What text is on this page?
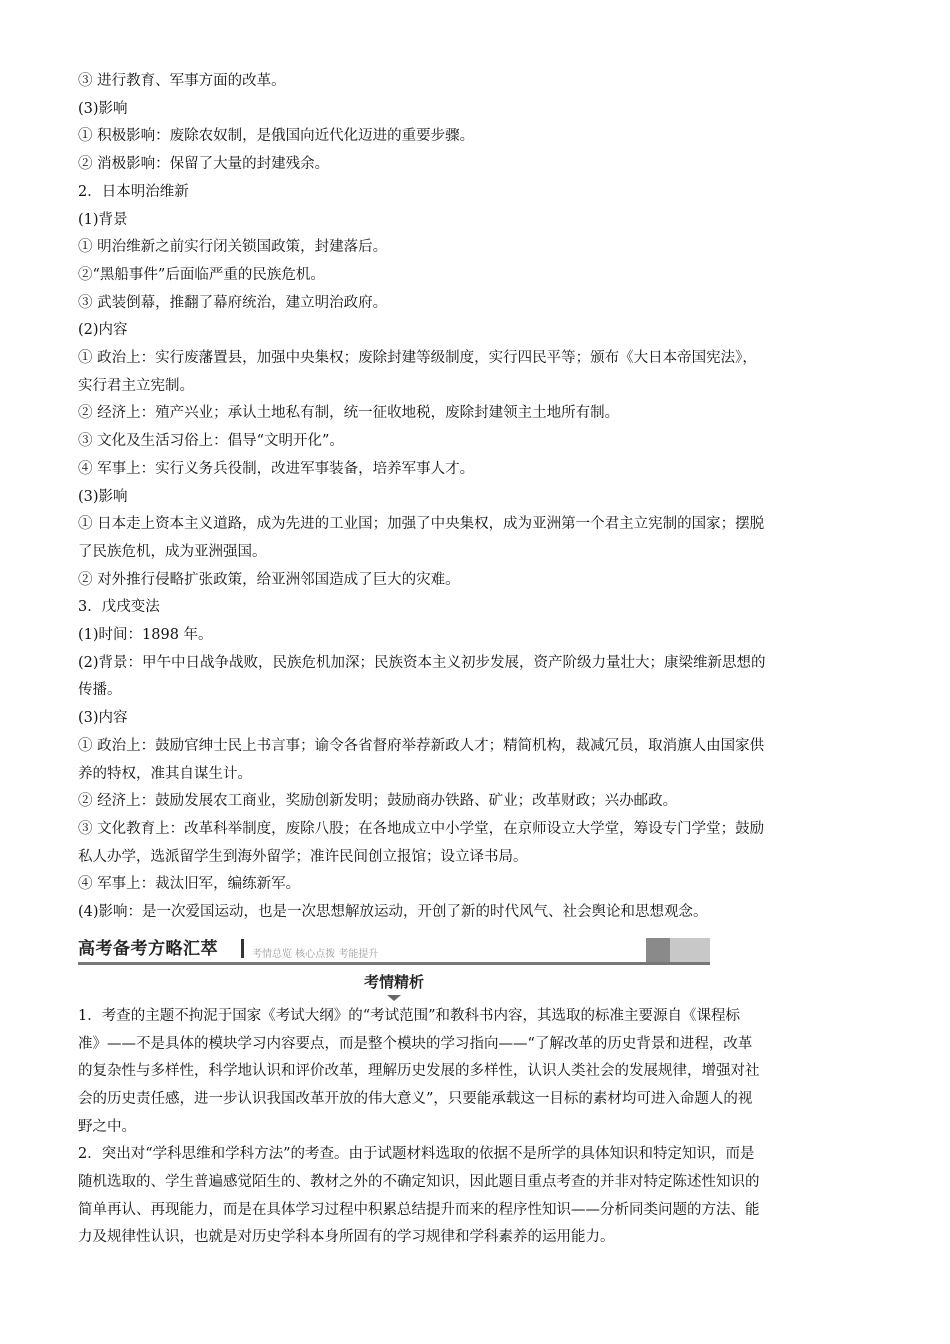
③ 进行教育、军事方面的改革。

(3)影响

① 积极影响：废除农奴制，是俄国向近代化迈进的重要步骤。

② 消极影响：保留了大量的封建残余。

2．日本明治维新

(1)背景

① 明治维新之前实行闭关锁国政策，封建落后。

②“黑船事件”后面临严重的民族危机。

③ 武装倒幕，推翻了幕府统治，建立明治政府。

(2)内容

① 政治上：实行废藩置县，加强中央集权；废除封建等级制度，实行四民平等；颁布《大日本帝国宪法》，

实行君主立宪制。

② 经济上：殖产兴业；承认土地私有制，统一征收地税，废除封建领主土地所有制。

③ 文化及生活习俗上：倡导“文明开化”。

④ 军事上：实行义务兵役制，改进军事装备，培养军事人才。

(3)影响

① 日本走上资本主义道路，成为先进的工业国；加强了中央集权，成为亚洲第一个君主立宪制的国家；摆脱

了民族危机，成为亚洲强国。

② 对外推行侵略扩张政策，给亚洲邻国造成了巨大的灾难。

3．戊戌变法

(1)时间：1898 年。

(2)背景：甲午中日战争战败，民族危机加深；民族资本主义初步发展，资产阶级力量壮大；康梁维新思想的

传播。

(3)内容

① 政治上：鼓励官绅士民上书言事；谕令各省督府举荐新政人才；精简机构，裁减冗员，取消旗人由国家供

养的特权，准其自谋生计。

② 经济上：鼓励发展农工商业，奖励创新发明；鼓励商办铁路、矿业；改革财政；兴办邮政。

③ 文化教育上：改革科举制度，废除八股；在各地成立中小学堂，在京师设立大学堂，筹设专门学堂；鼓励

私人办学，选派留学生到海外留学；准许民间创立报馆；设立译书局。

④ 军事上：裁汰旧军，编练新军。

(4)影响：是一次爱国运动，也是一次思想解放运动，开创了新的时代风气、社会舆论和思想观念。

高考备考方略汇萃	考情总览 核心点拨 考能提升
考情精析

1．考查的主题不拘泥于国家《考试大纲》的“考试范围”和教科书内容，其选取的标准主要源自《课程标

准》——不是具体的模块学习内容要点，而是整个模块的学习指向——“了解改革的历史背景和进程，改革

的复杂性与多样性，科学地认识和评价改革，理解历史发展的多样性，认识人类社会的发展规律，增强对社

会的历史责任感，进一步认识我国改革开放的伟大意义”，只要能承载这一目标的素材均可进入命题人的视

野之中。

2．突出对“学科思维和学科方法”的考查。由于试题材料选取的依据不是所学的具体知识和特定知识，而是

随机选取的、学生普遍感觉陌生的、教材之外的不确定知识，因此题目重点考查的并非对特定陈述性知识的

简单再认、再现能力，而是在具体学习过程中积累总结提升而来的程序性知识——分析同类问题的方法、能

力及规律性认识，也就是对历史学科本身所固有的学习规律和学科素养的运用能力。
